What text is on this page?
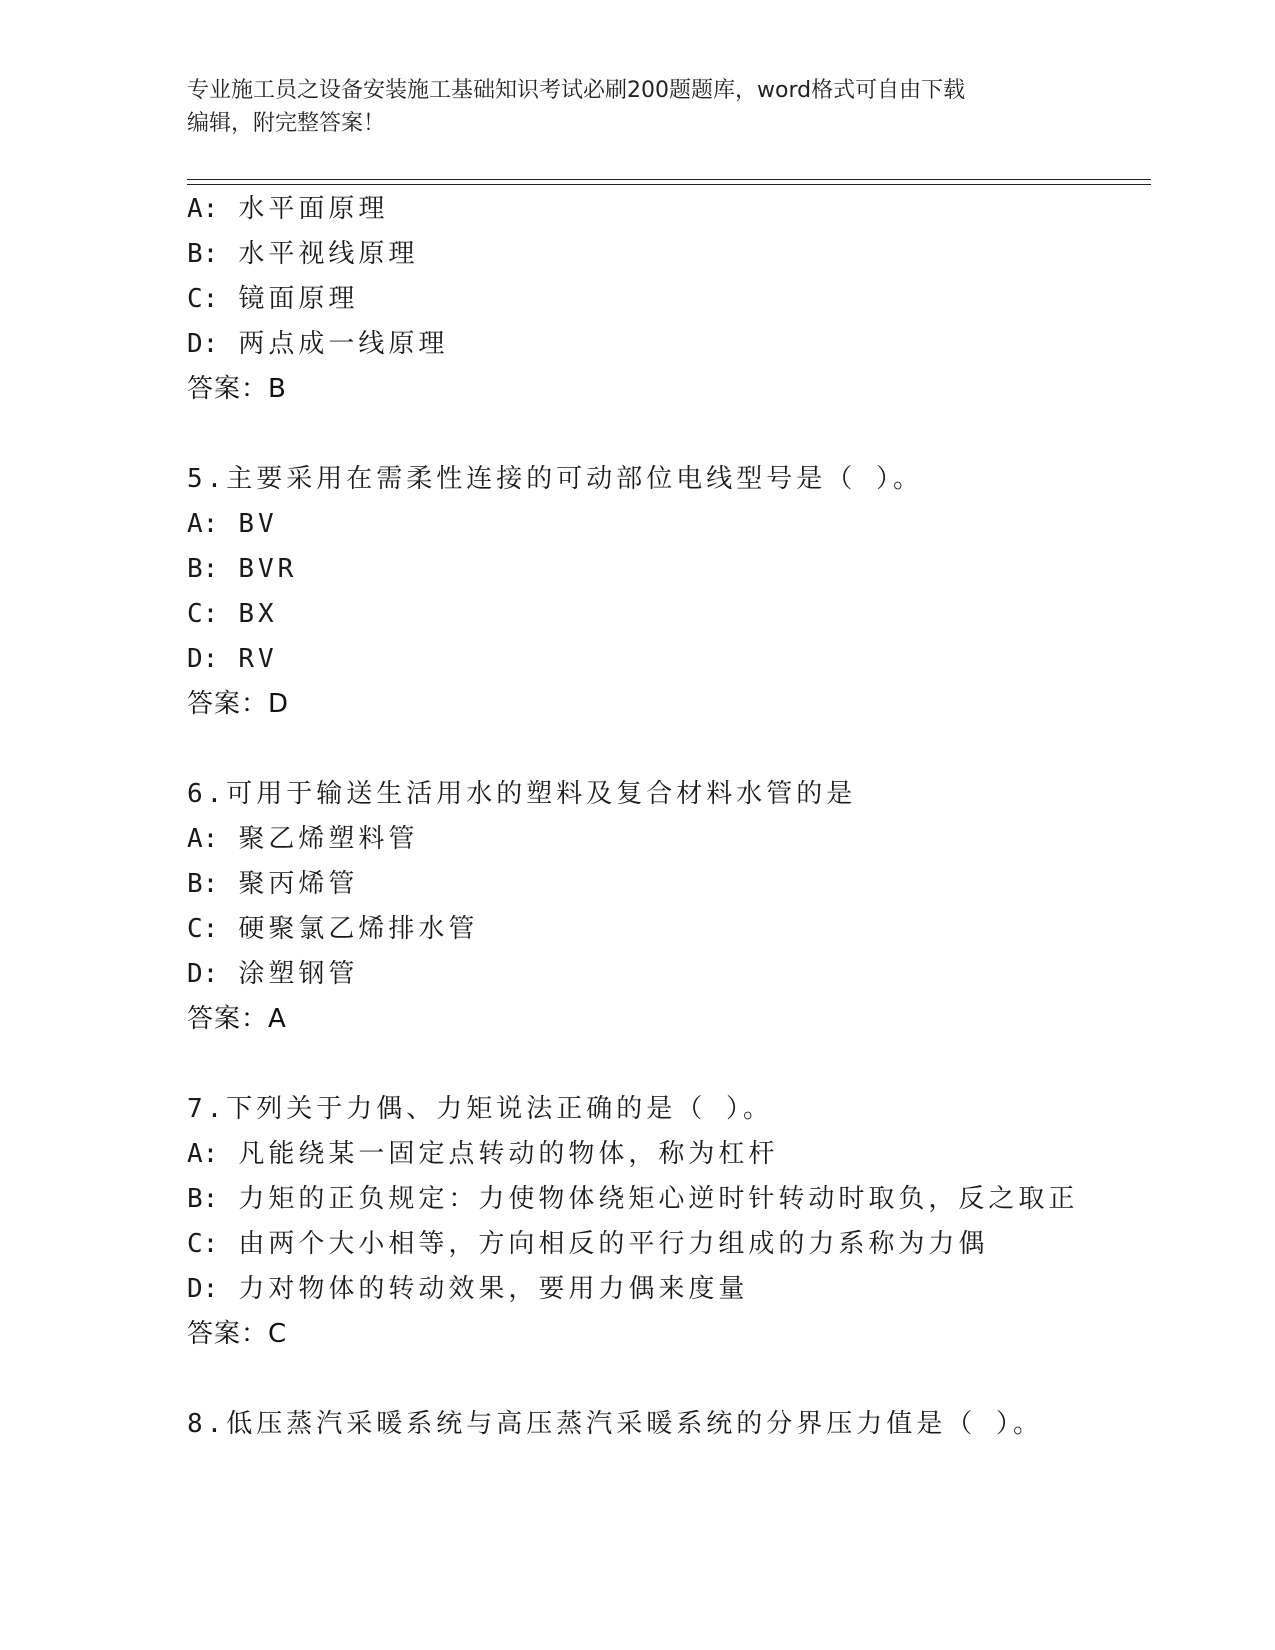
专业施工员之设备安装施工基础知识考试必刷200题题库，word格式可自由下载
编辑，附完整答案！
A: 水平面原理
B: 水平视线原理
C: 镜面原理
D: 两点成一线原理
答案：B
5.主要采用在需柔性连接的可动部位电线型号是（ ）。
A: BV
B: BVR
C: BX
D: RV
答案：D
6.可用于输送生活用水的塑料及复合材料水管的是
A: 聚乙烯塑料管
B: 聚丙烯管
C: 硬聚氯乙烯排水管
D: 涂塑钢管
答案：A
7.下列关于力偶、力矩说法正确的是（ ）。
A: 凡能绕某一固定点转动的物体，称为杠杆
B: 力矩的正负规定：力使物体绕矩心逆时针转动时取负，反之取正
C: 由两个大小相等，方向相反的平行力组成的力系称为力偶
D: 力对物体的转动效果，要用力偶来度量
答案：C
8.低压蒸汽采暖系统与高压蒸汽采暖系统的分界压力值是（ ）。
